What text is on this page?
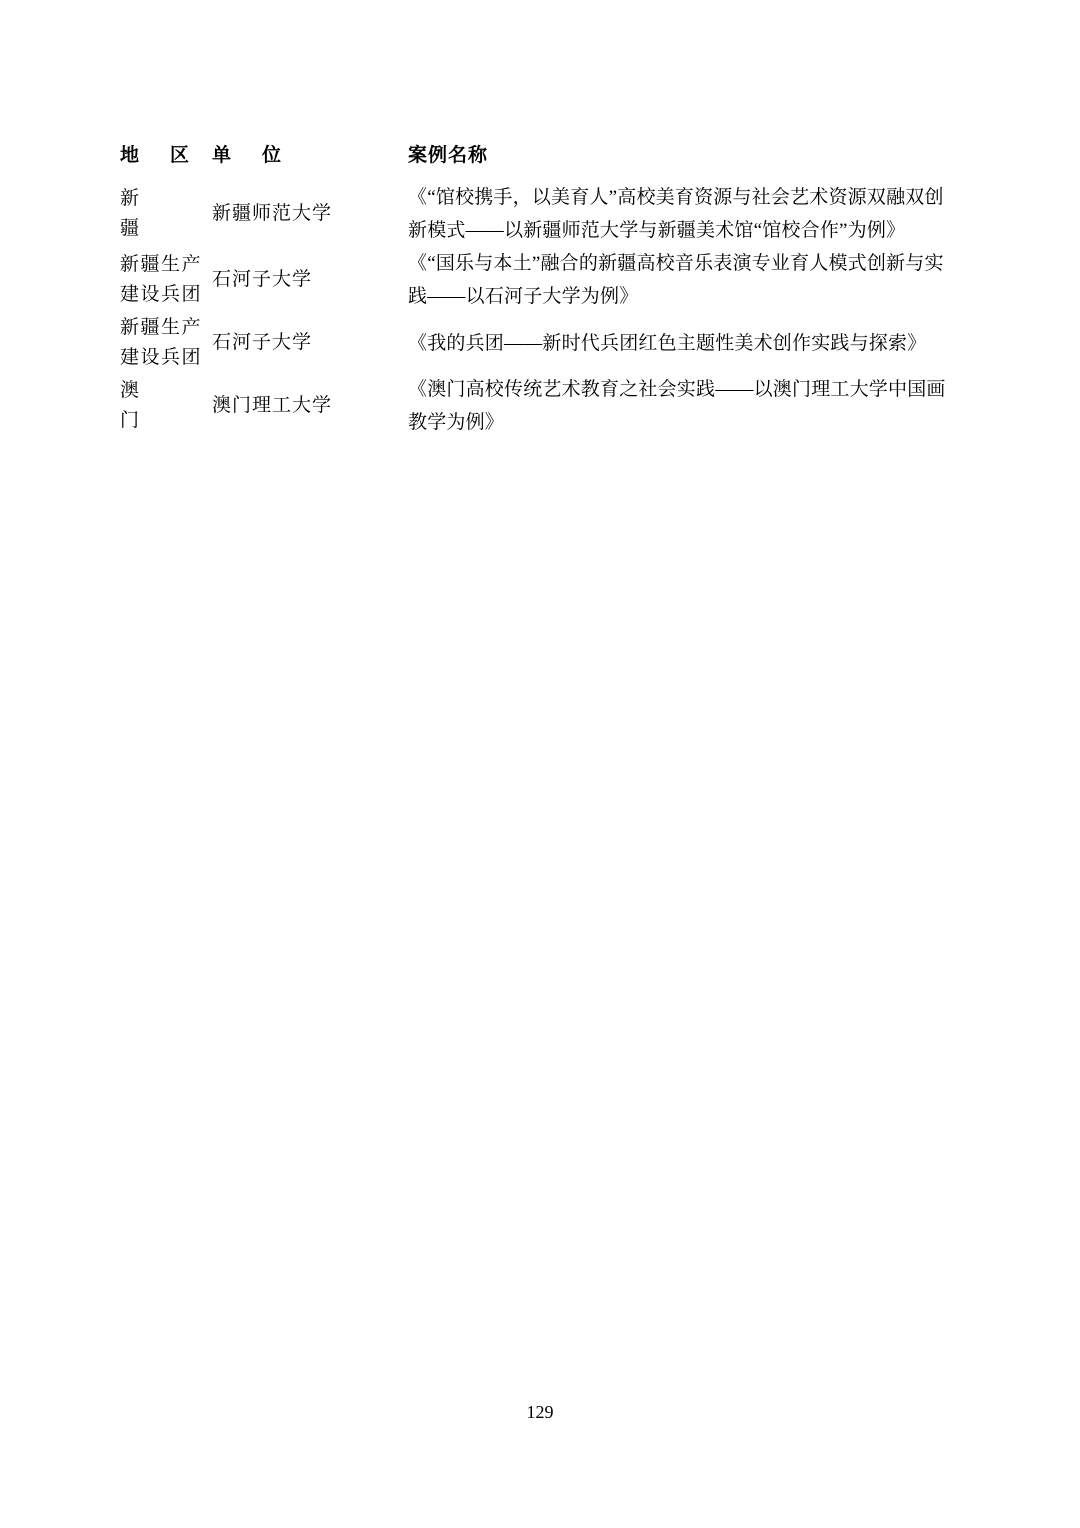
地　区	单　位	案例名称

新　疆	新疆师范大学	《“馆校携手，以美育人”高校美育资源与社会艺术资源双融双创新模式——以新疆师范大学与新疆美术馆“馆校合作”为例》

新疆生产
建设兵团	石河子大学	《“国乐与本土”融合的新疆高校音乐表演专业育人模式创新与实践——以石河子大学为例》

新疆生产
建设兵团	石河子大学	《我的兵团——新时代兵团红色主题性美术创作实践与探索》

澳　门	澳门理工大学	《澳门高校传统艺术教育之社会实践——以澳门理工大学中国画教学为例》
129
